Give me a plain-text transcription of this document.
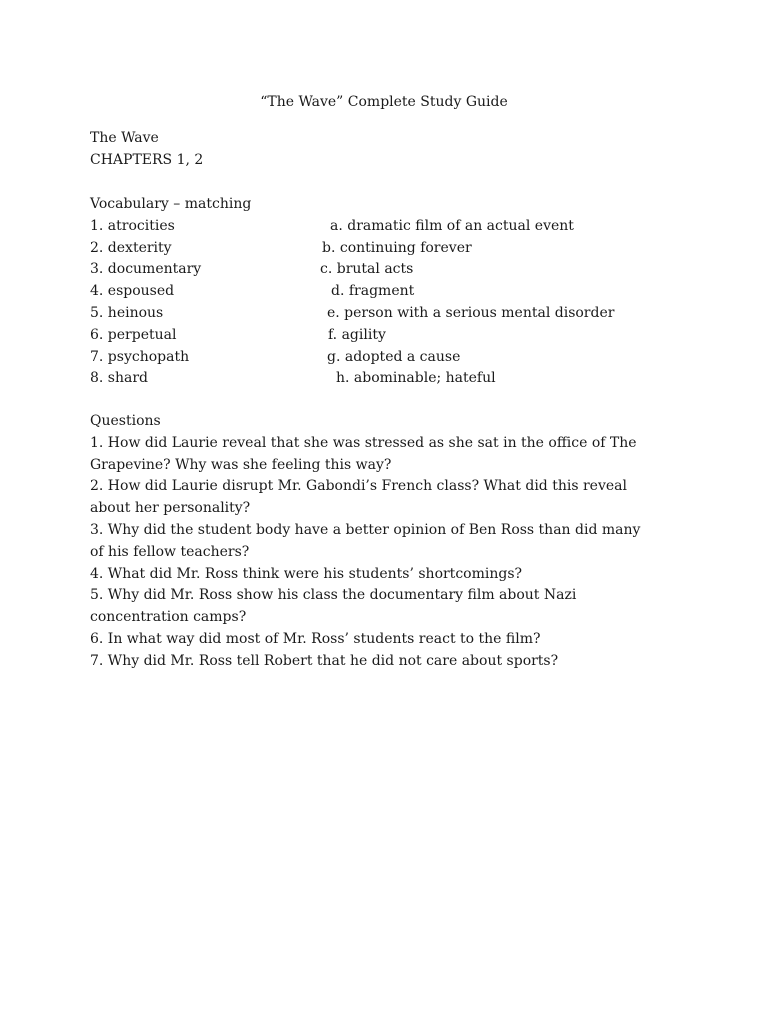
“The Wave” Complete Study Guide
The Wave
CHAPTERS 1, 2
Vocabulary – matching
1. atrocities	a. dramatic film of an actual event
2. dexterity	b. continuing forever
3. documentary	c. brutal acts
4. espoused	d. fragment
5. heinous	e. person with a serious mental disorder
6. perpetual	f. agility
7. psychopath	g. adopted a cause
8. shard	h. abominable; hateful
Questions
1. How did Laurie reveal that she was stressed as she sat in the office of The
Grapevine? Why was she feeling this way?
2. How did Laurie disrupt Mr. Gabondi’s French class? What did this reveal
about her personality?
3. Why did the student body have a better opinion of Ben Ross than did many
of his fellow teachers?
4. What did Mr. Ross think were his students’ shortcomings?
5. Why did Mr. Ross show his class the documentary film about Nazi
concentration camps?
6. In what way did most of Mr. Ross’ students react to the film?
7. Why did Mr. Ross tell Robert that he did not care about sports?
